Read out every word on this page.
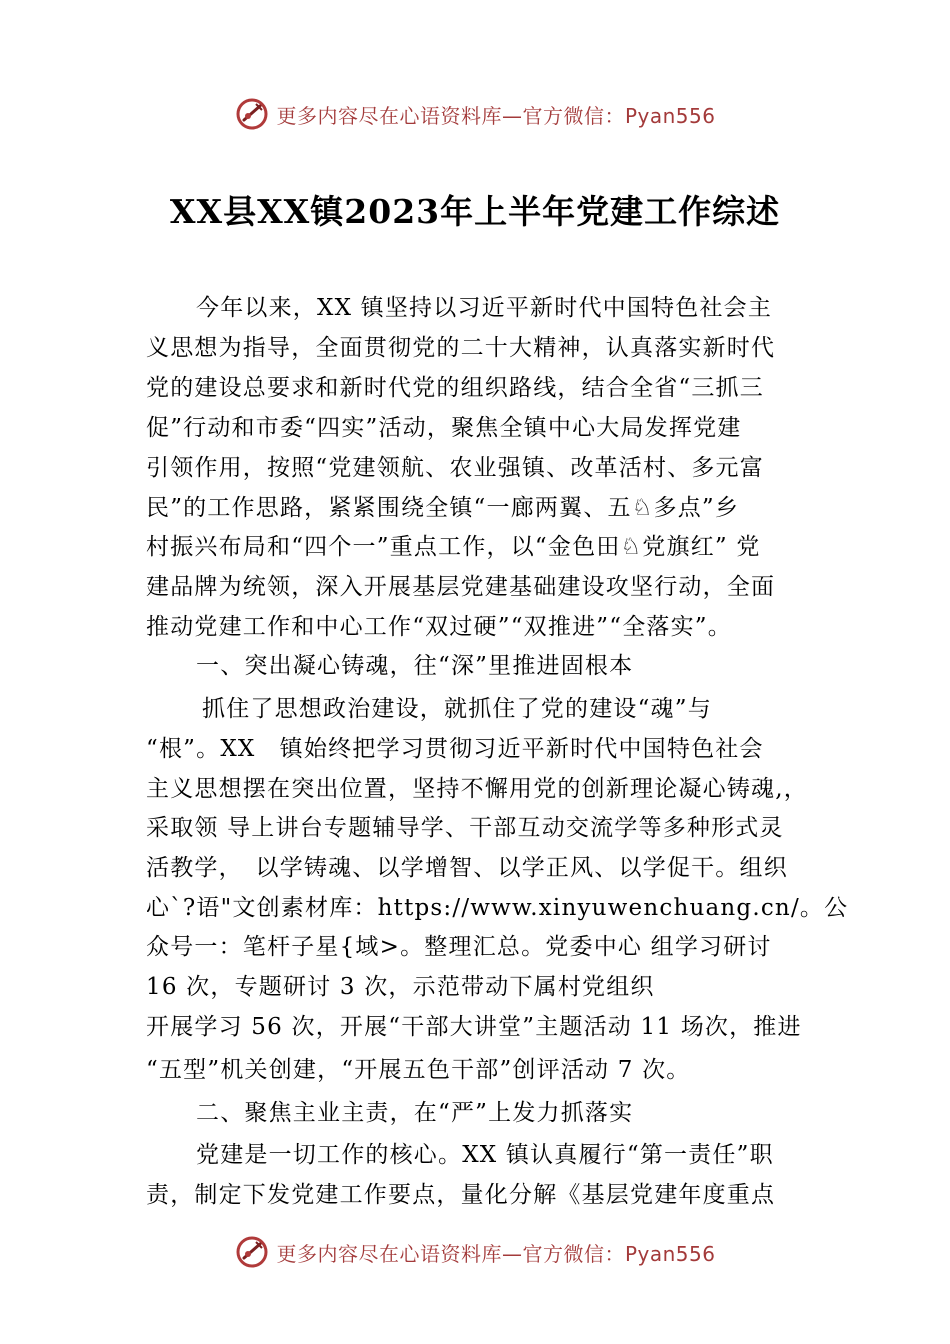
更多内容尽在心语资料库—官方微信：Pyan556
XX县XX镇2023年上半年党建工作综述
今年以来，XX 镇坚持以习近平新时代中国特色社会主
义思想为指导，全面贯彻党的二十大精神，认真落实新时代
党的建设总要求和新时代党的组织路线，结合全省“三抓三
促”行动和市委“四实”活动，聚焦全镇中心大局发挥党建
引领作用，按照“党建领航、农业强镇、改革活村、多元富
民”的工作思路，紧紧围绕全镇“一廊两翼、五♘多点”乡
村振兴布局和“四个一”重点工作，以“金色田♘党旗红” 党
建品牌为统领，深入开展基层党建基础建设攻坚行动，全面
推动党建工作和中心工作“双过硬”“双推进”“全落实”。
一、突出凝心铸魂，往“深”里推进固根本
抓住了思想政治建设，就抓住了党的建设“魂”与
“根”。XX　镇始终把学习贯彻习近平新时代中国特色社会
主义思想摆在突出位置，坚持不懈用党的创新理论凝心铸魂,，
采取领 导上讲台专题辅导学、干部互动交流学等多种形式灵
活教学，　以学铸魂、以学增智、以学正风、以学促干。组织
心`?语"文创素材库：https://www.xinyuwenchuang.cn/。公
众号一：笔杆子星{域>。整理汇总。党委中心 组学习研讨
16 次，专题研讨 3 次，示范带动下属村党组织
开展学习 56 次，开展“干部大讲堂”主题活动 11 场次，推进
“五型”机关创建，“开展五色干部”创评活动 7 次。
二、聚焦主业主责，在“严”上发力抓落实
党建是一切工作的核心。XX 镇认真履行“第一责任”职
责，制定下发党建工作要点，量化分解《基层党建年度重点
更多内容尽在心语资料库—官方微信：Pyan556
